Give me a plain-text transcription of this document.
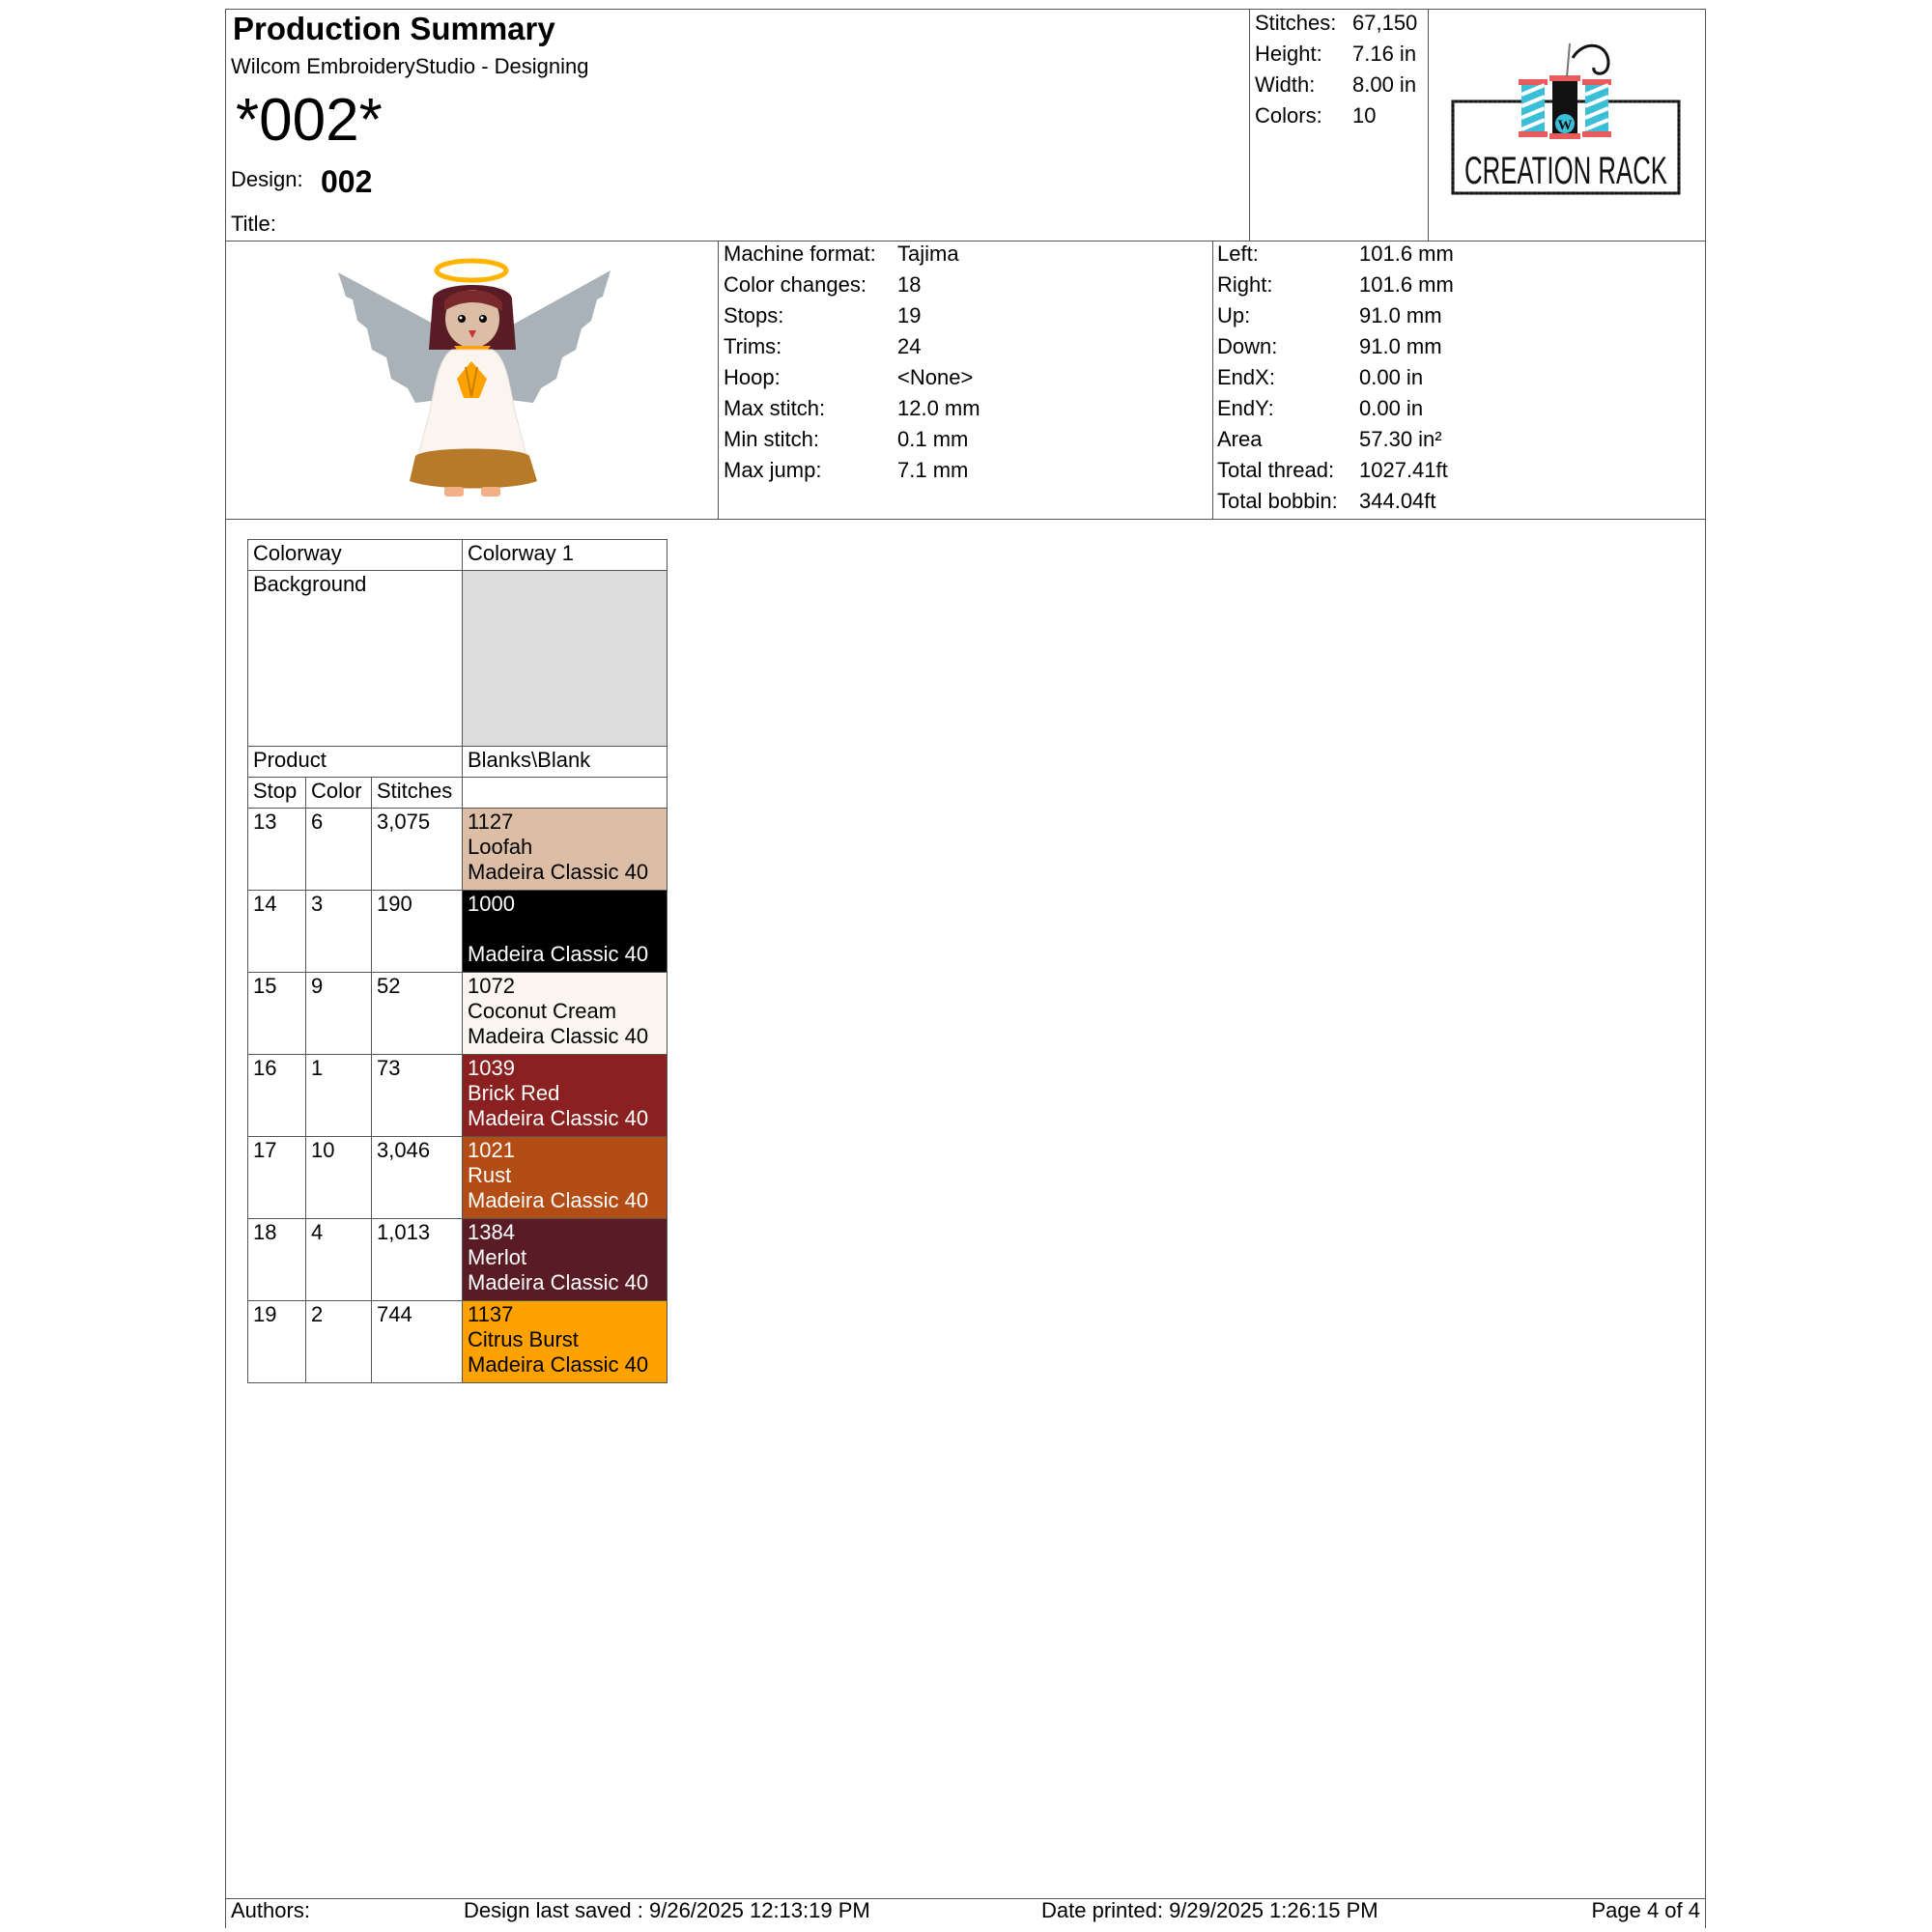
Production Summary
Wilcom EmbroideryStudio - Designing
*002*
Design: 002
Title:
Stitches: 67,150
Height: 7.16 in
Width: 8.00 in
Colors: 10	W
CREATION RACK
Machine format: Tajima
Color changes: 18
Stops:	19
Trims:	24
Hoop:	<None>
Max stitch:	12.0 mm
Min stitch:	0.1 mm
Max jump:	7.1 mm
Left:	101.6 mm
Right:	101.6 mm
Up:	91.0 mm
Down:	91.0 mm
EndX:	0.00 in
EndY:	0.00 in
Area	57.30 in²
Total thread: 1027.41ft
Total bobbin: 344.04ft
Colorway			Colorway 1
Background			
Product			Blanks\Blank
Stop	Color	Stitches	
13	6	3,075	1127
Loofah
Madeira Classic 40

14	3	190	1000
Madeira Classic 40

15	9	52	1072
Coconut Cream
Madeira Classic 40

16	1	73	1039
Brick Red
Madeira Classic 40

17	10	3,046	1021
Rust
Madeira Classic 40

18	4	1,013	1384
Merlot
Madeira Classic 40

19	2	744	1137
Citrus Burst
Madeira Classic 40
Authors:	Design last saved : 9/26/2025 12:13:19 PM	Date printed: 9/29/2025 1:26:15 PM	Page 4 of 4
